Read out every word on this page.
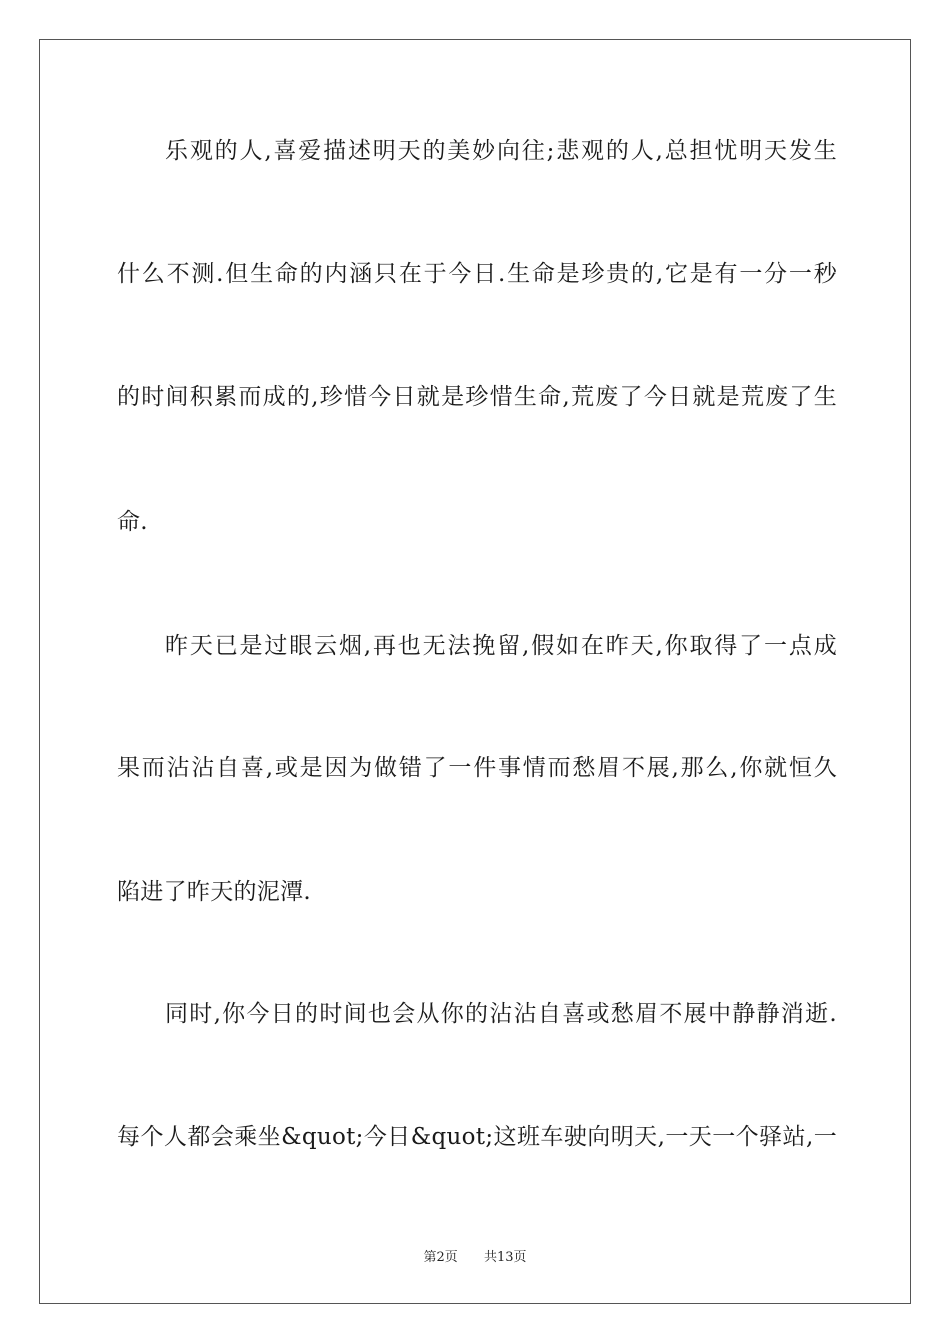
乐观的人,喜爱描述明天的美妙向往;悲观的人,总担忧明天发生

什么不测.但生命的内涵只在于今日.生命是珍贵的,它是有一分一秒

的时间积累而成的,珍惜今日就是珍惜生命,荒废了今日就是荒废了生

命.

昨天已是过眼云烟,再也无法挽留,假如在昨天,你取得了一点成

果而沾沾自喜,或是因为做错了一件事情而愁眉不展,那么,你就恒久

陷进了昨天的泥潭.

同时,你今日的时间也会从你的沾沾自喜或愁眉不展中静静消逝.

每个人都会乘坐&quot;今日&quot;这班车驶向明天,一天一个驿站,一

第2页 共13页
